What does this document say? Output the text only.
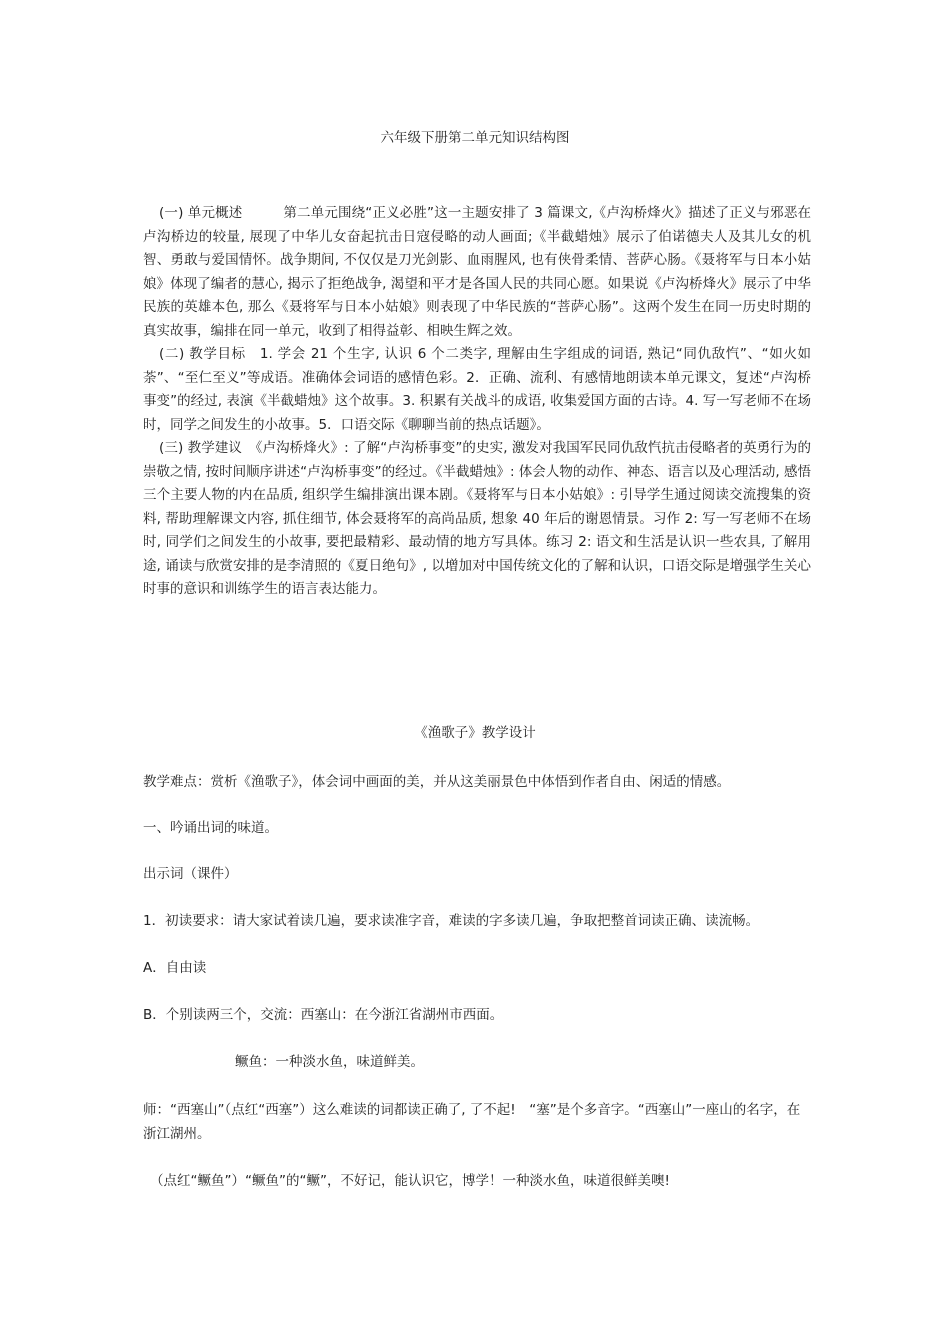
六年级下册第二单元知识结构图

(一) 单元概述　　　第二单元围绕“正义必胜”这一主题安排了 3 篇课文,《卢沟桥烽火》描述了正义与邪恶在卢沟桥边的较量, 展现了中华儿女奋起抗击日寇侵略的动人画面;《半截蜡烛》展示了伯诺德夫人及其儿女的机智、勇敢与爱国情怀。战争期间, 不仅仅是刀光剑影、血雨腥风, 也有侠骨柔情、菩萨心肠。《聂将军与日本小姑娘》体现了编者的慧心, 揭示了拒绝战争, 渴望和平才是各国人民的共同心愿。如果说《卢沟桥烽火》展示了中华民族的英雄本色, 那么《聂将军与日本小姑娘》则表现了中华民族的“菩萨心肠”。这两个发生在同一历史时期的真实故事，编排在同一单元，收到了相得益彰、相映生辉之效。

(二) 教学目标　1. 学会 21 个生字, 认识 6 个二类字, 理解由生字组成的词语, 熟记“同仇敌忾”、“如火如荼”、“至仁至义”等成语。准确体会词语的感情色彩。2．正确、流利、有感情地朗读本单元课文，复述“卢沟桥事变”的经过, 表演《半截蜡烛》这个故事。3. 积累有关战斗的成语, 收集爱国方面的古诗。4. 写一写老师不在场时，同学之间发生的小故事。5．口语交际《聊聊当前的热点话题》。

(三) 教学建议　《卢沟桥烽火》: 了解“卢沟桥事变”的史实, 激发对我国军民同仇敌忾抗击侵略者的英勇行为的崇敬之情, 按时间顺序讲述“卢沟桥事变”的经过。《半截蜡烛》: 体会人物的动作、神态、语言以及心理活动, 感悟三个主要人物的内在品质, 组织学生编排演出课本剧。《聂将军与日本小姑娘》: 引导学生通过阅读交流搜集的资料, 帮助理解课文内容, 抓住细节, 体会聂将军的高尚品质, 想象 40 年后的谢恩情景。习作 2: 写一写老师不在场时, 同学们之间发生的小故事, 要把最精彩、最动情的地方写具体。练习 2: 语文和生活是认识一些农具, 了解用途, 诵读与欣赏安排的是李清照的《夏日绝句》, 以增加对中国传统文化的了解和认识，口语交际是增强学生关心时事的意识和训练学生的语言表达能力。

《渔歌子》教学设计

教学难点：赏析《渔歌子》，体会词中画面的美，并从这美丽景色中体悟到作者自由、闲适的情感。

一、吟诵出词的味道。

出示词（课件）

1．初读要求：请大家试着读几遍，要求读准字音，难读的字多读几遍，争取把整首词读正确、读流畅。

A．自由读

B．个别读两三个，交流：西塞山：在今浙江省湖州市西面。

鳜鱼：一种淡水鱼，味道鲜美。

师：“西塞山”（点红“西塞”）这么难读的词都读正确了, 了不起!　“塞”是个多音字。“西塞山”一座山的名字，在浙江湖州。

（点红“鳜鱼”）“鳜鱼”的“鳜”，不好记，能认识它，博学！一种淡水鱼，味道很鲜美噢!
